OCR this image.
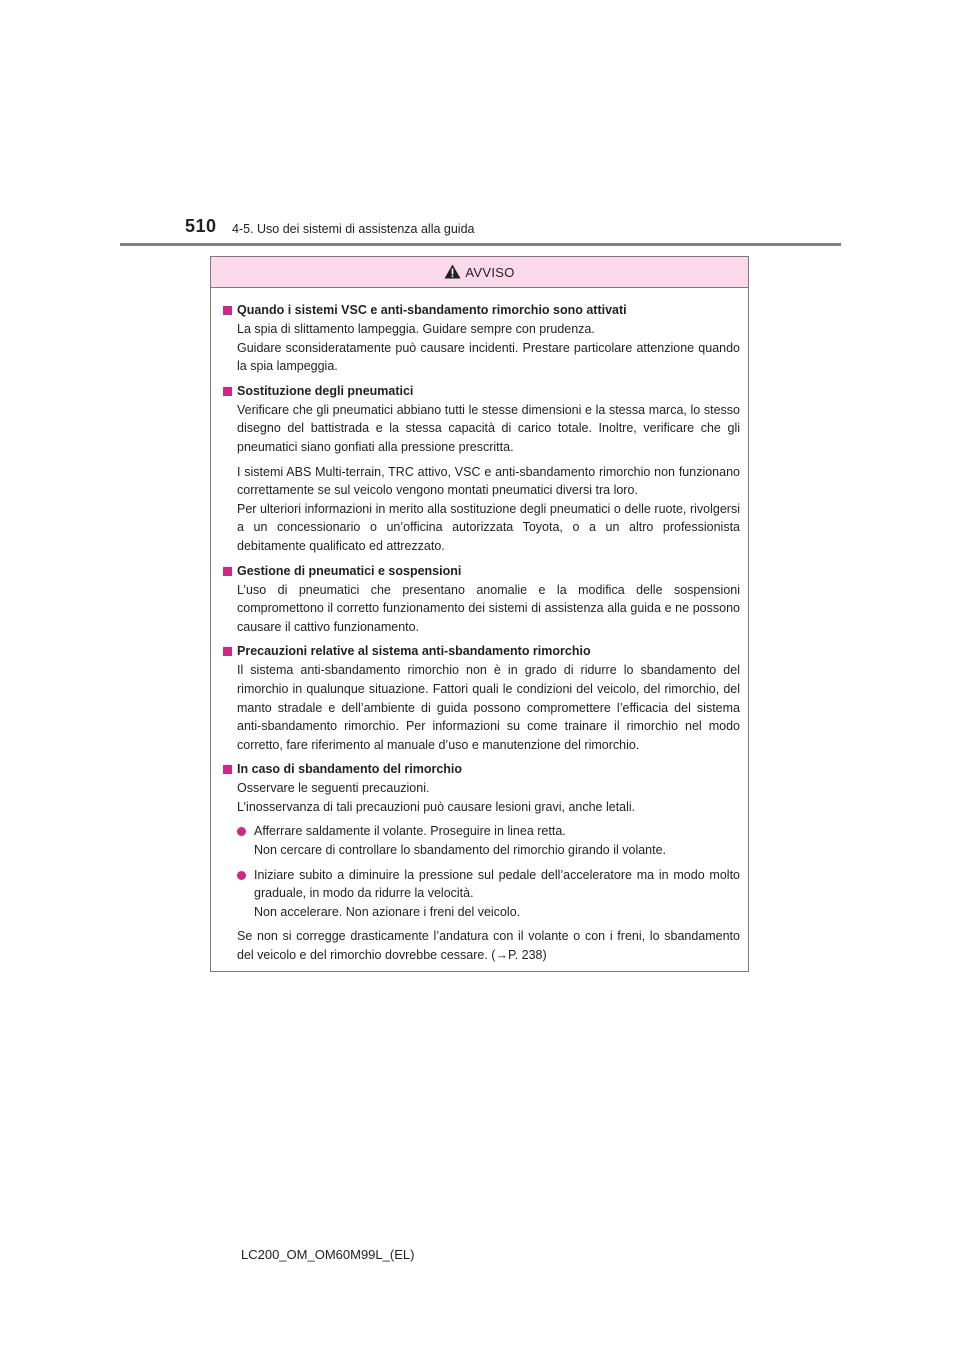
510 4-5. Uso dei sistemi di assistenza alla guida
AVVISO
Quando i sistemi VSC e anti-sbandamento rimorchio sono attivati
La spia di slittamento lampeggia. Guidare sempre con prudenza.
Guidare sconsideratamente può causare incidenti. Prestare particolare attenzione quando la spia lampeggia.
Sostituzione degli pneumatici
Verificare che gli pneumatici abbiano tutti le stesse dimensioni e la stessa marca, lo stesso disegno del battistrada e la stessa capacità di carico totale. Inoltre, verificare che gli pneumatici siano gonfiati alla pressione prescritta.
I sistemi ABS Multi-terrain, TRC attivo, VSC e anti-sbandamento rimorchio non funzionano correttamente se sul veicolo vengono montati pneumatici diversi tra loro.
Per ulteriori informazioni in merito alla sostituzione degli pneumatici o delle ruote, rivolgersi a un concessionario o un’officina autorizzata Toyota, o a un altro professionista debitamente qualificato ed attrezzato.
Gestione di pneumatici e sospensioni
L’uso di pneumatici che presentano anomalie e la modifica delle sospensioni compromettono il corretto funzionamento dei sistemi di assistenza alla guida e ne possono causare il cattivo funzionamento.
Precauzioni relative al sistema anti-sbandamento rimorchio
Il sistema anti-sbandamento rimorchio non è in grado di ridurre lo sbandamento del rimorchio in qualunque situazione. Fattori quali le condizioni del veicolo, del rimorchio, del manto stradale e dell’ambiente di guida possono compromettere l’efficacia del sistema anti-sbandamento rimorchio. Per informazioni su come trainare il rimorchio nel modo corretto, fare riferimento al manuale d’uso e manutenzione del rimorchio.
In caso di sbandamento del rimorchio
Osservare le seguenti precauzioni.
L’inosservanza di tali precauzioni può causare lesioni gravi, anche letali.
Afferrare saldamente il volante. Proseguire in linea retta.
Non cercare di controllare lo sbandamento del rimorchio girando il volante.
Iniziare subito a diminuire la pressione sul pedale dell’acceleratore ma in modo molto graduale, in modo da ridurre la velocità.
Non accelerare. Non azionare i freni del veicolo.
Se non si corregge drasticamente l’andatura con il volante o con i freni, lo sbandamento del veicolo e del rimorchio dovrebbe cessare. (→P. 238)
LC200_OM_OM60M99L_(EL)
